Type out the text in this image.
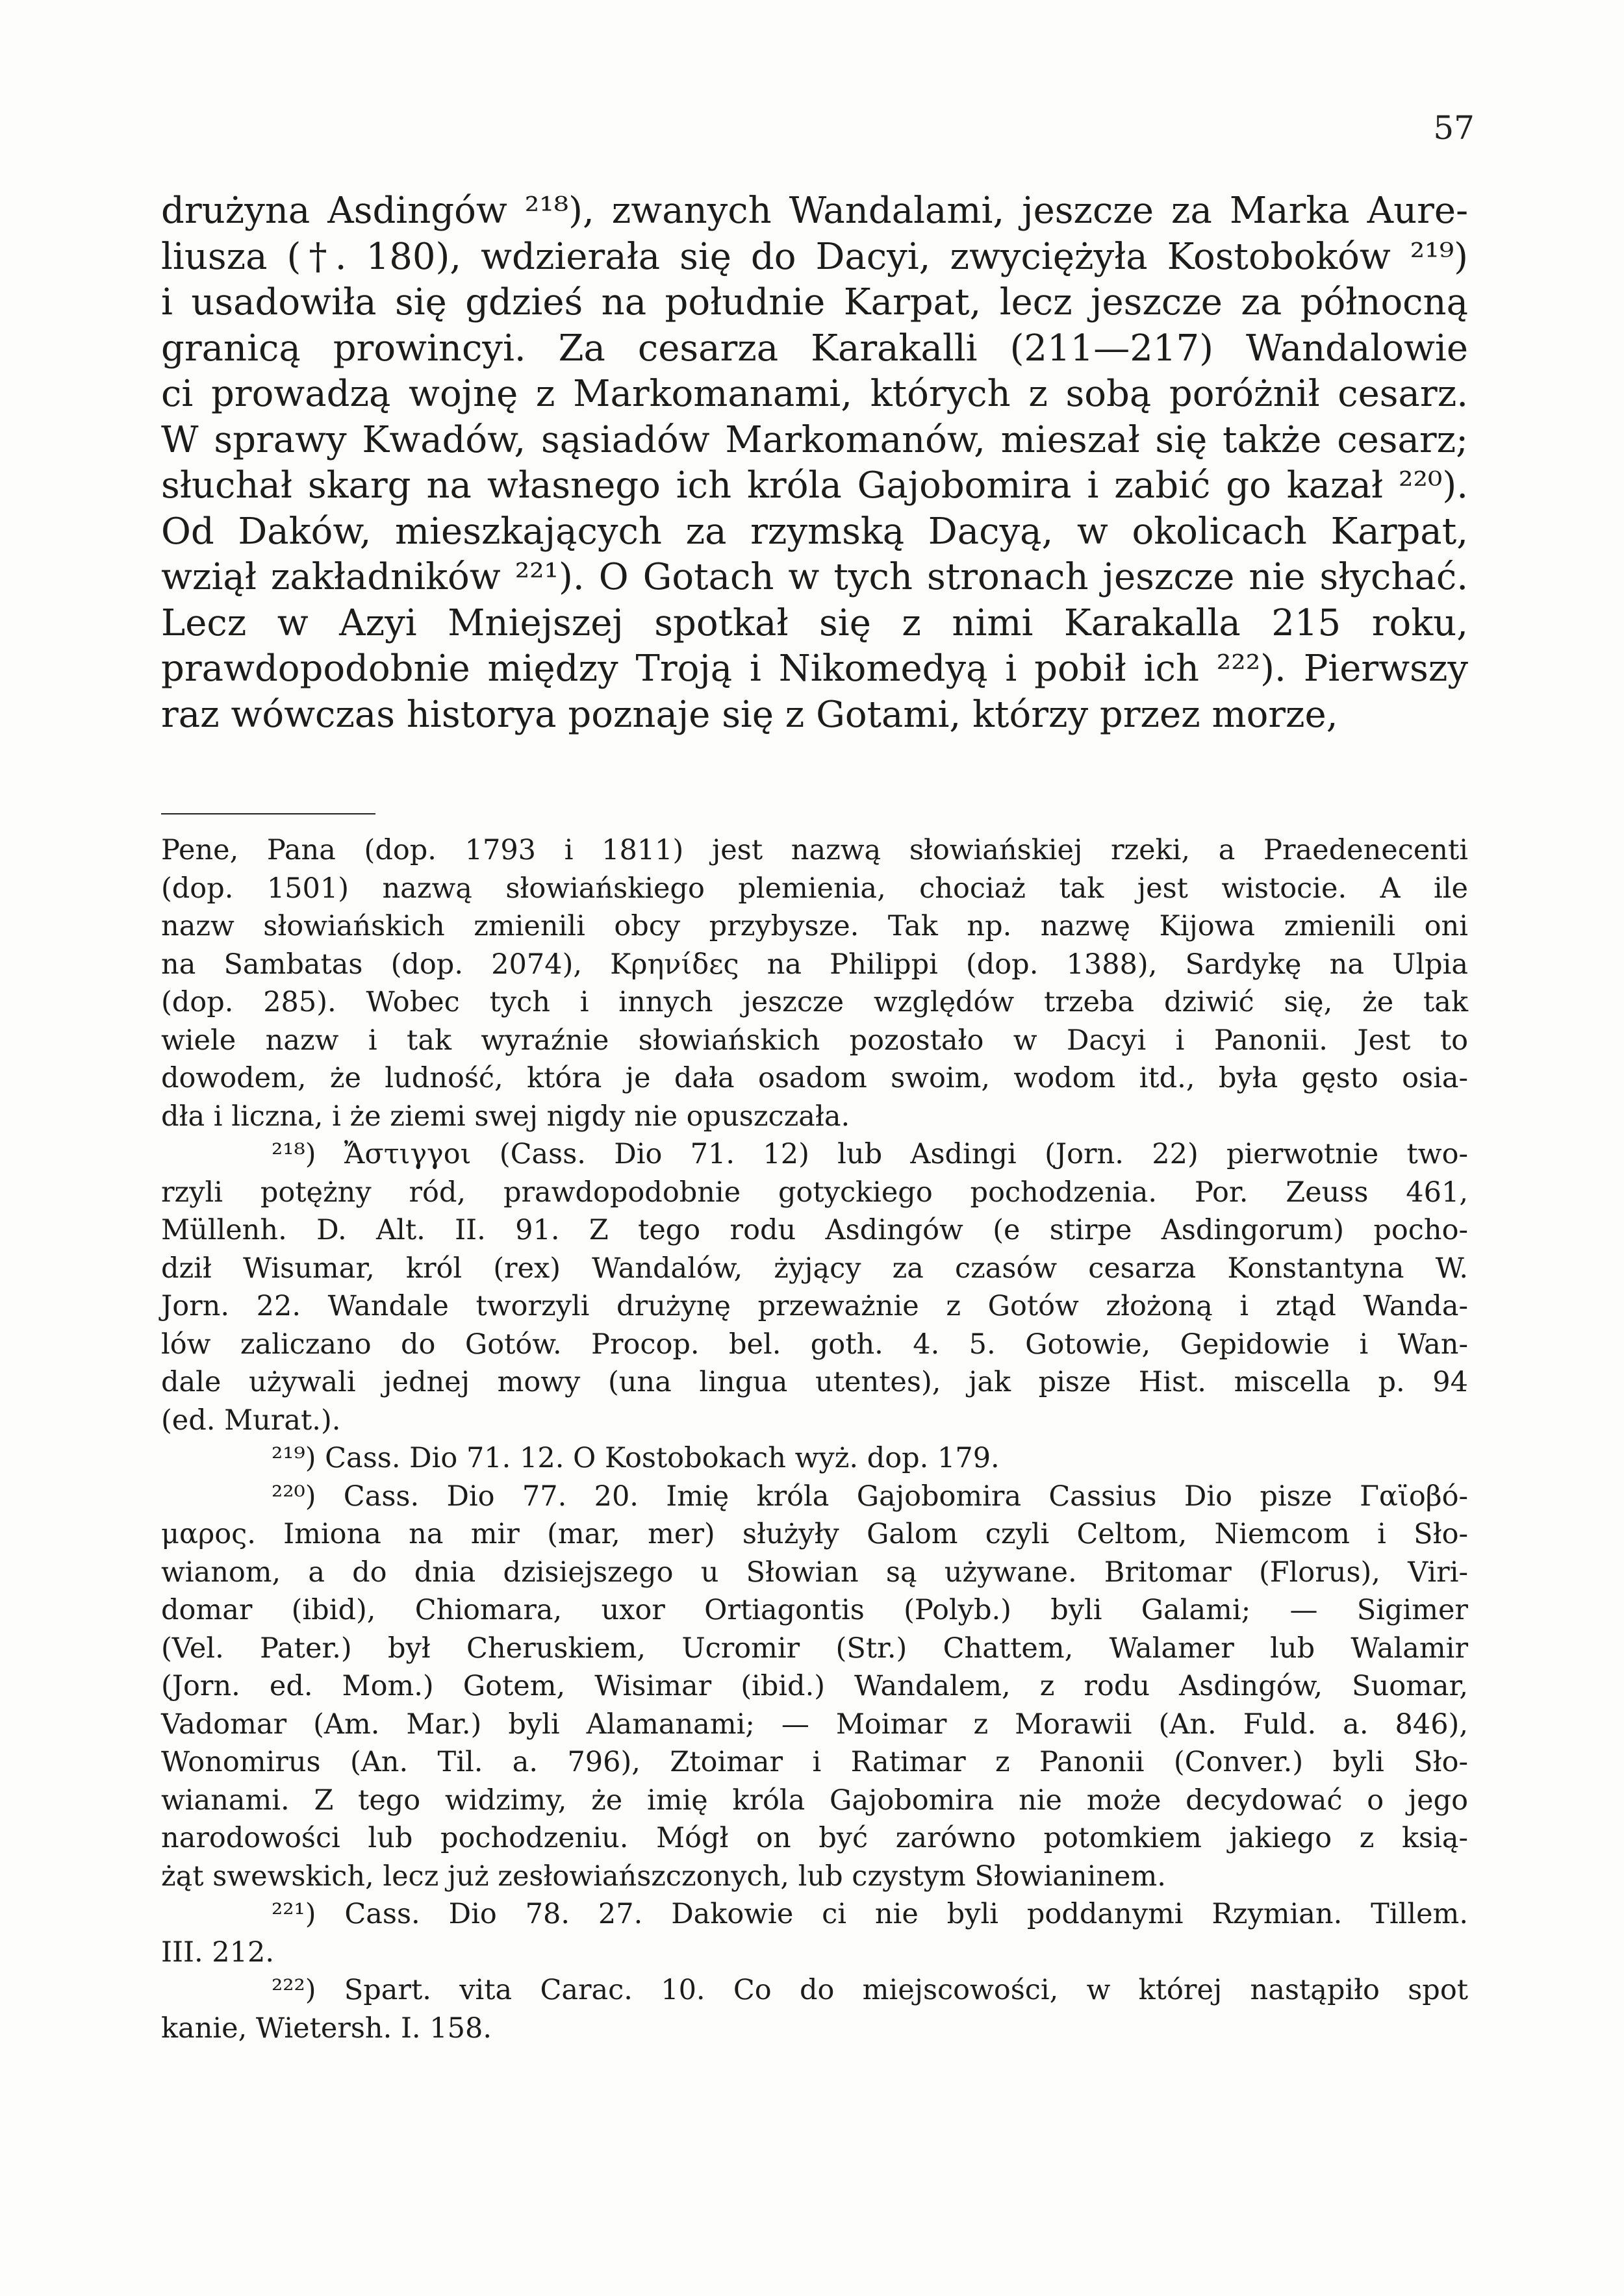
57
drużyna Asdingów ²¹⁸), zwanych Wandalami, jeszcze za Marka Aure-
liusza (†. 180), wdzierała się do Dacyi, zwyciężyła Kostoboków ²¹⁹)
i usadowiła się gdzieś na południe Karpat, lecz jeszcze za północną
granicą prowincyi. Za cesarza Karakalli (211—217) Wandalowie
ci prowadzą wojnę z Markomanami, których z sobą poróżnił cesarz.
W sprawy Kwadów, sąsiadów Markomanów, mieszał się także cesarz;
słuchał skarg na własnego ich króla Gajobomira i zabić go kazał ²²⁰).
Od Daków, mieszkających za rzymską Dacyą, w okolicach Karpat,
wziął zakładników ²²¹). O Gotach w tych stronach jeszcze nie słychać.
Lecz w Azyi Mniejszej spotkał się z nimi Karakalla 215 roku,
prawdopodobnie między Troją i Nikomedyą i pobił ich ²²²). Pierwszy
raz wówczas historya poznaje się z Gotami, którzy przez morze,
Pene, Pana (dop. 1793 i 1811) jest nazwą słowiańskiej rzeki, a Praedenecenti
(dop. 1501) nazwą słowiańskiego plemienia, chociaż tak jest wistocie. A ile
nazw słowiańskich zmienili obcy przybysze. Tak np. nazwę Kijowa zmienili oni
na Sambatas (dop. 2074), Κρηνίδες na Philippi (dop. 1388), Sardykę na Ulpia
(dop. 285). Wobec tych i innych jeszcze względów trzeba dziwić się, że tak
wiele nazw i tak wyraźnie słowiańskich pozostało w Dacyi i Panonii. Jest to
dowodem, że ludność, która je dała osadom swoim, wodom itd., była gęsto osia-
dła i liczna, i że ziemi swej nigdy nie opuszczała.
²¹⁸) Ἄστιγγοι (Cass. Dio 71. 12) lub Asdingi (Jorn. 22) pierwotnie two-
rzyli potężny ród, prawdopodobnie gotyckiego pochodzenia. Por. Zeuss 461,
Müllenh. D. Alt. II. 91. Z tego rodu Asdingów (e stirpe Asdingorum) pocho-
dził Wisumar, król (rex) Wandalów, żyjący za czasów cesarza Konstantyna W.
Jorn. 22. Wandale tworzyli drużynę przeważnie z Gotów złożoną i ztąd Wanda-
lów zaliczano do Gotów. Procop. bel. goth. 4. 5. Gotowie, Gepidowie i Wan-
dale używali jednej mowy (una lingua utentes), jak pisze Hist. miscella p. 94
(ed. Murat.).
²¹⁹) Cass. Dio 71. 12. O Kostobokach wyż. dop. 179.
²²⁰) Cass. Dio 77. 20. Imię króla Gajobomira Cassius Dio pisze Γαϊοβό-
μαρος. Imiona na mir (mar, mer) służyły Galom czyli Celtom, Niemcom i Sło-
wianom, a do dnia dzisiejszego u Słowian są używane. Britomar (Florus), Viri-
domar (ibid), Chiomara, uxor Ortiagontis (Polyb.) byli Galami; — Sigimer
(Vel. Pater.) był Cheruskiem, Ucromir (Str.) Chattem, Walamer lub Walamir
(Jorn. ed. Mom.) Gotem, Wisimar (ibid.) Wandalem, z rodu Asdingów, Suomar,
Vadomar (Am. Mar.) byli Alamanami; — Moimar z Morawii (An. Fuld. a. 846),
Wonomirus (An. Til. a. 796), Ztoimar i Ratimar z Panonii (Conver.) byli Sło-
wianami. Z tego widzimy, że imię króla Gajobomira nie może decydować o jego
narodowości lub pochodzeniu. Mógł on być zarówno potomkiem jakiego z ksią-
żąt swewskich, lecz już zesłowiańszczonych, lub czystym Słowianinem.
²²¹) Cass. Dio 78. 27. Dakowie ci nie byli poddanymi Rzymian. Tillem.
III. 212.
²²²) Spart. vita Carac. 10. Co do miejscowości, w której nastąpiło spot
kanie, Wietersh. I. 158.
